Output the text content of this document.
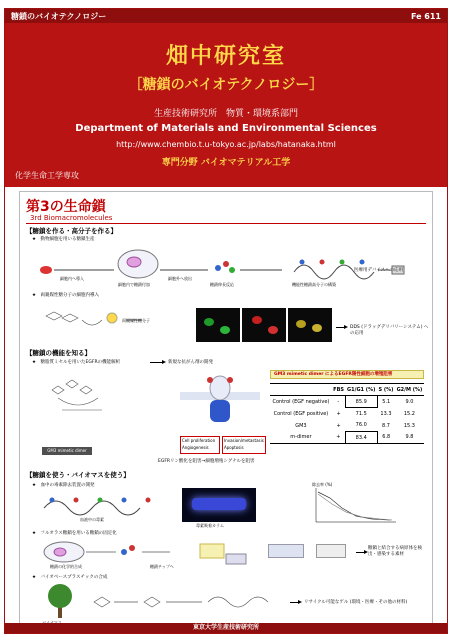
糖鎖のバイオテクノロジー	Fe 611
畑中研究室
［糖鎖のバイオテクノロジー］
生産技術研究所　物質・環境系部門
Department of Materials and Environmental Sciences
http://www.chembio.t.u-tokyo.ac.jp/labs/hatanaka.html
専門分野 バイオマテリアル工学
化学生命工学専攻
第3の生命鎖
3rd Biomacromolecules
【糖鎖を作る・高分子を作る】
★　動物細胞を用いる糖鎖生産
細胞内へ導入	細胞外へ放出
細胞内で糖鎖付加	糖鎖伸長反応	機能性糖鎖高分子の構築
医療用デバイスへの応用
★　両親媒性糖分子の細胞内導入
両親媒性糖分子
DDS (ドラッグデリバリーシステム) への応用
【糖鎖の機能を知る】
★　糖脂質ミセルを用いたEGFRの機能解析	新規な抗がん剤の開発
GM3 mimetic dimer
EGFR
Cell proliferation
Angiogenesis
Invasion/metastasis
Apoptosis
EGFRリン酸化を阻害→細胞増殖シグナルを阻害
GM3 mimetic dimer によるEGFR陽性細胞の増殖阻害
	FBS	G1/G1 (%)	S (%)	G2/M (%)
Control (EGF negative)	-	85.9	5.1	9.0
Control (EGF positive)	+	71.5	13.3	15.2
GM3	+	76.0	8.7	15.3
m-dimer	+	83.4	6.8	9.8
【糖鎖を使う・バイオマスを使う】
★　血中の毒素除去装置の開発
血液中の毒素
毒素吸着カラム
除去率 (%)
★　フルオラス糖鎖を用いる糖鎖の固定化
糖鎖の化学的合成	糖鎖チップへ
糖鎖と結合する病原体を検出・感染する素材
★　バイオベースプラスチックの合成
リサイクル可能なゲル (環境・医療・その他の材料)
東京大学生産技術研究所
